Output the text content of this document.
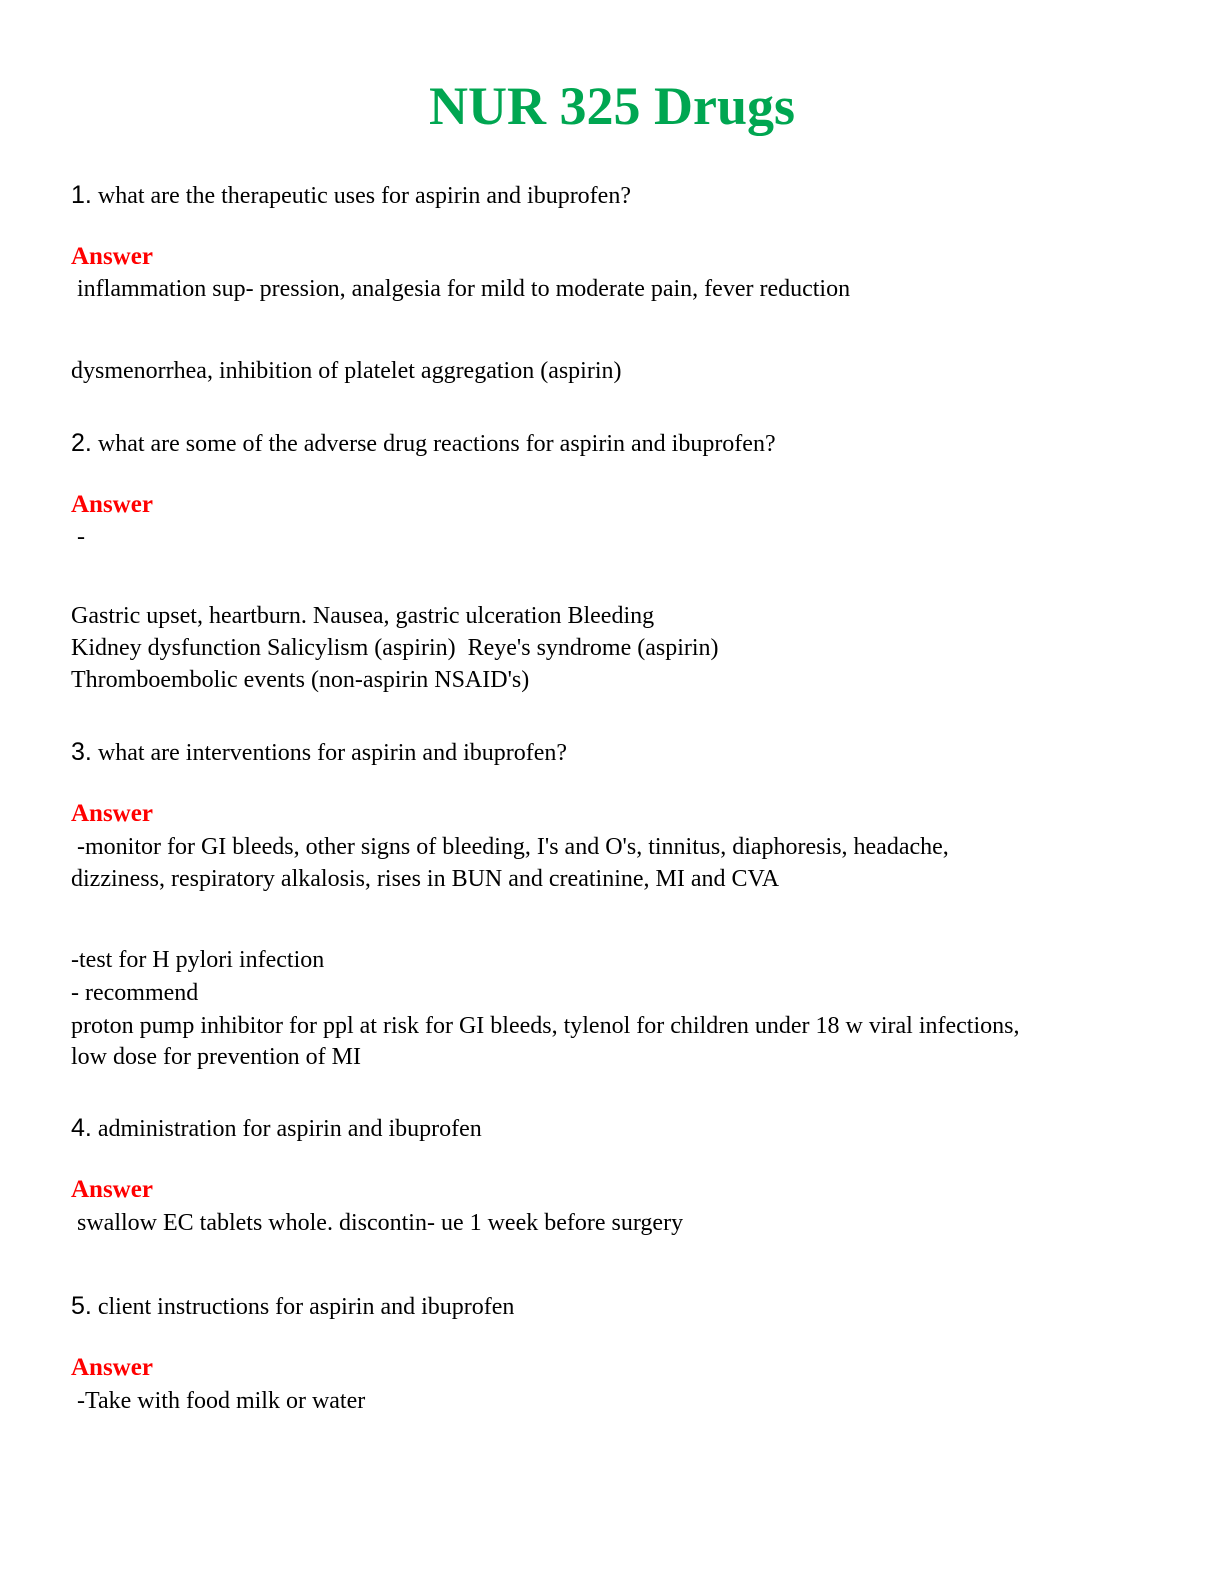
NUR 325 Drugs
1. what are the therapeutic uses for aspirin and ibuprofen?
Answer
inflammation sup- pression, analgesia for mild to moderate pain, fever reduction
dysmenorrhea, inhibition of platelet aggregation (aspirin)
2. what are some of the adverse drug reactions for aspirin and ibuprofen?
Answer
-
Gastric upset, heartburn. Nausea, gastric ulceration Bleeding
Kidney dysfunction Salicylism (aspirin)  Reye's syndrome (aspirin)
Thromboembolic events (non-aspirin NSAID's)
3. what are interventions for aspirin and ibuprofen?
Answer
-monitor for GI bleeds, other signs of bleeding, I's and O's, tinnitus, diaphoresis, headache,
dizziness, respiratory alkalosis, rises in BUN and creatinine, MI and CVA
-test for H pylori infection
- recommend
proton pump inhibitor for ppl at risk for GI bleeds, tylenol for children under 18 w viral infections,
low dose for prevention of MI
4. administration for aspirin and ibuprofen
Answer
swallow EC tablets whole. discontin- ue 1 week before surgery
5. client instructions for aspirin and ibuprofen
Answer
-Take with food milk or water
